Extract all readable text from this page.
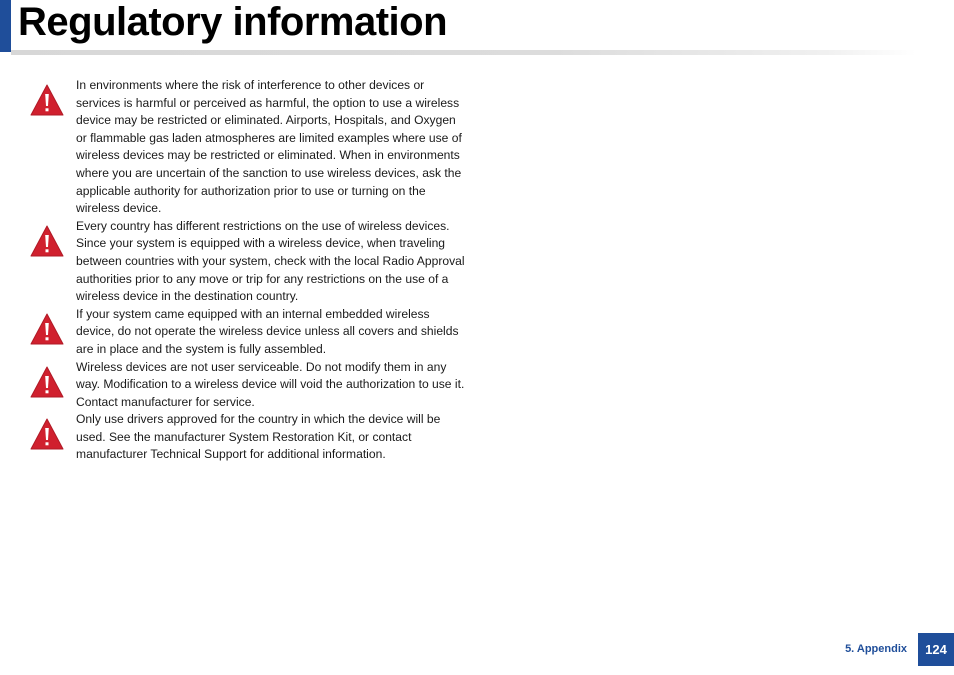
Regulatory information

In environments where the risk of interference to other devices or services is harmful or perceived as harmful, the option to use a wireless device may be restricted or eliminated. Airports, Hospitals, and Oxygen or flammable gas laden atmospheres are limited examples where use of wireless devices may be restricted or eliminated. When in environments where you are uncertain of the sanction to use wireless devices, ask the applicable authority for authorization prior to use or turning on the wireless device.

Every country has different restrictions on the use of wireless devices. Since your system is equipped with a wireless device, when traveling between countries with your system, check with the local Radio Approval authorities prior to any move or trip for any restrictions on the use of a wireless device in the destination country.

If your system came equipped with an internal embedded wireless device, do not operate the wireless device unless all covers and shields are in place and the system is fully assembled.

Wireless devices are not user serviceable. Do not modify them in any way. Modification to a wireless device will void the authorization to use it. Contact manufacturer for service.

Only use drivers approved for the country in which the device will be used. See the manufacturer System Restoration Kit, or contact manufacturer Technical Support for additional information.

5. Appendix	124
